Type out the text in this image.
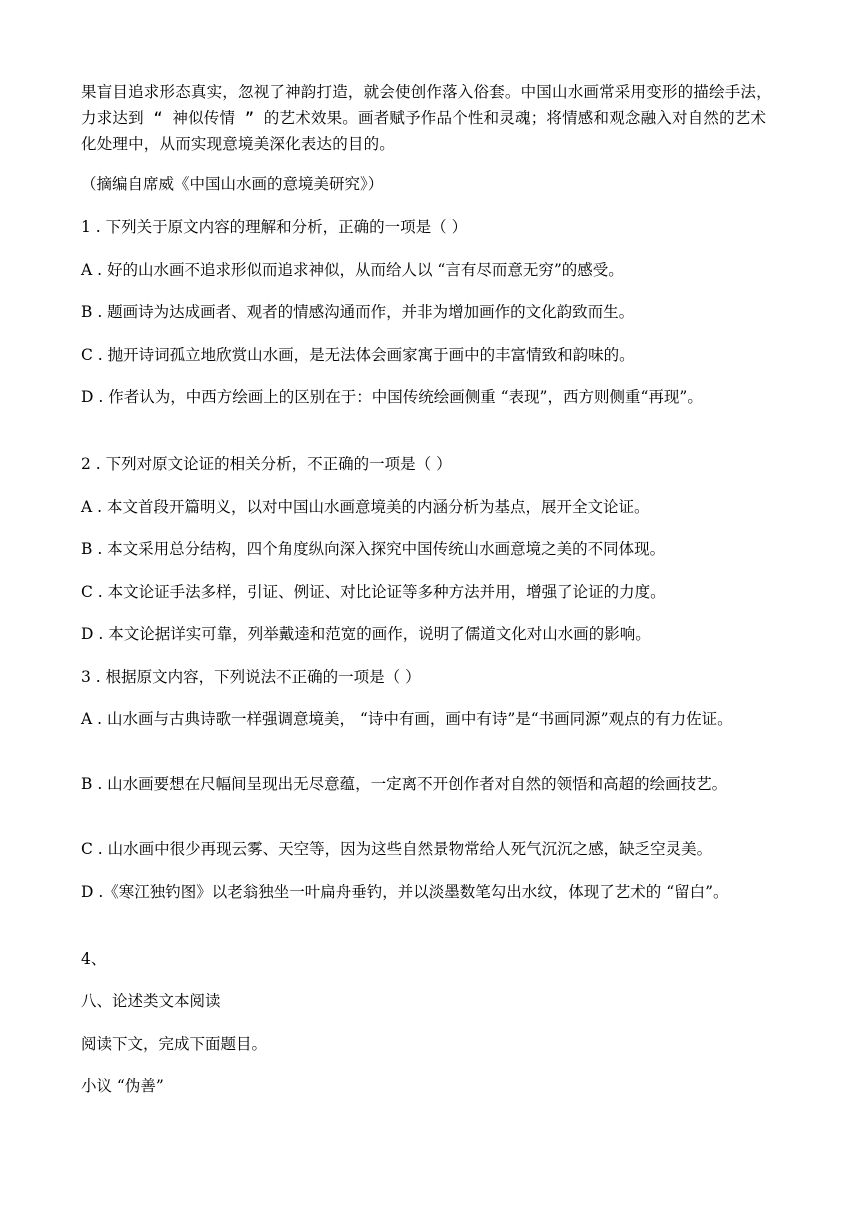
果盲目追求形态真实，忽视了神韵打造，就会使创作落入俗套。中国山水画常采用变形的描绘手法，力求达到 “ 神似传情 ” 的艺术效果。画者赋予作品个性和灵魂；将情感和观念融入对自然的艺术化处理中，从而实现意境美深化表达的目的。

（摘编自席威《中国山水画的意境美研究》）

1 . 下列关于原文内容的理解和分析，正确的一项是（ ）

A . 好的山水画不追求形似而追求神似，从而给人以 “言有尽而意无穷”的感受。

B . 题画诗为达成画者、观者的情感沟通而作，并非为增加画作的文化韵致而生。

C . 抛开诗词孤立地欣赏山水画，是无法体会画家寓于画中的丰富情致和韵味的。

D . 作者认为，中西方绘画上的区别在于：中国传统绘画侧重 “表现”，西方则侧重“再现”。

2 . 下列对原文论证的相关分析，不正确的一项是（ ）

A . 本文首段开篇明义，以对中国山水画意境美的内涵分析为基点，展开全文论证。

B . 本文采用总分结构，四个角度纵向深入探究中国传统山水画意境之美的不同体现。

C . 本文论证手法多样，引证、例证、对比论证等多种方法并用，增强了论证的力度。

D . 本文论据详实可靠，列举戴逵和范宽的画作，说明了儒道文化对山水画的影响。

3 . 根据原文内容，下列说法不正确的一项是（ ）

A . 山水画与古典诗歌一样强调意境美， “诗中有画，画中有诗”是“书画同源”观点的有力佐证。

B . 山水画要想在尺幅间呈现出无尽意蕴，一定离不开创作者对自然的领悟和高超的绘画技艺。

C . 山水画中很少再现云雾、天空等，因为这些自然景物常给人死气沉沉之感，缺乏空灵美。

D .《寒江独钓图》以老翁独坐一叶扁舟垂钓，并以淡墨数笔勾出水纹，体现了艺术的 “留白”。

4、

八、论述类文本阅读

阅读下文，完成下面题目。

小议 “伪善”
